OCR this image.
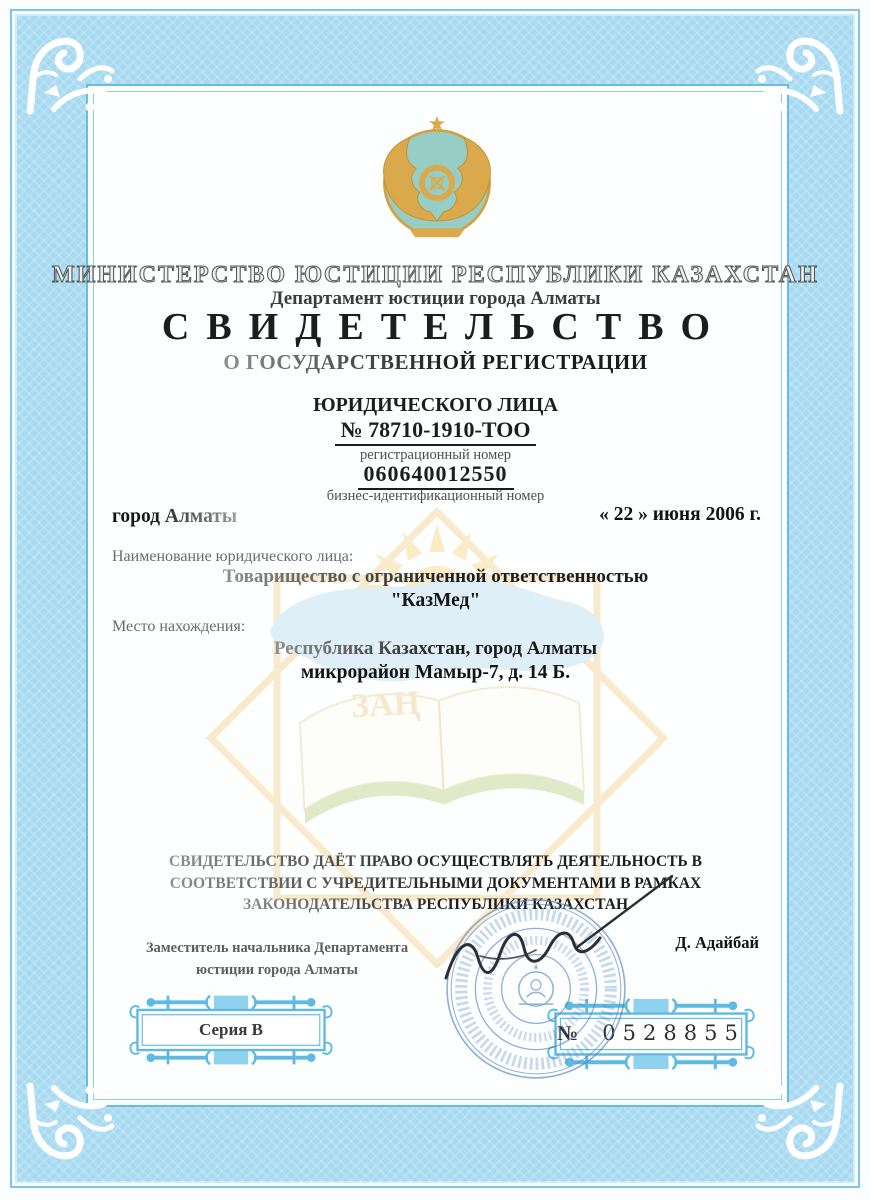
ЗАҢ
МИНИСТЕРСТВО ЮСТИЦИИ РЕСПУБЛИКИ КАЗАХСТАН
Департамент юстиции города Алматы
СВИДЕТЕЛЬСТВО
О ГОСУДАРСТВЕННОЙ РЕГИСТРАЦИИ
ЮРИДИЧЕСКОГО ЛИЦА
№ 78710-1910-ТОО
регистрационный номер
060640012550
бизнес-идентификационный номер
город Алматы	« 22 » июня 2006 г.
Наименование юридического лица:
Товарищество с ограниченной ответственностью
"КазМед"
Место нахождения:
Республика Казахстан, город Алматы
микрорайон Мамыр-7, д. 14 Б.
СВИДЕТЕЛЬСТВО ДАЁТ ПРАВО ОСУЩЕСТВЛЯТЬ ДЕЯТЕЛЬНОСТЬ В
СООТВЕТСТВИИ С УЧРЕДИТЕЛЬНЫМИ ДОКУМЕНТАМИ В РАМКАХ
ЗАКОНОДАТЕЛЬСТВА РЕСПУБЛИКИ КАЗАХСТАН
Заместитель начальника Департамента
юстиции города Алматы
Д. Адайбай
Серия В	№ 0528855
